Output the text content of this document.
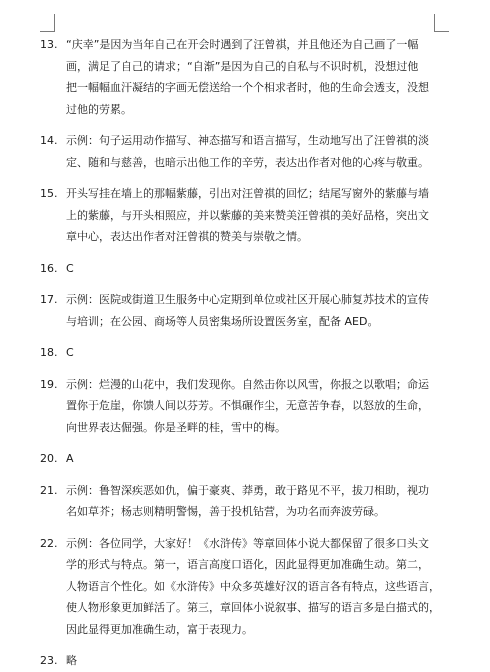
13. “庆幸”是因为当年自己在开会时遇到了汪曾祺，并且他还为自己画了一幅
画，满足了自己的请求；“自渐”是因为自己的自私与不识时机，没想过他
把一幅幅血汗凝结的字画无偿送给一个个相求者时，他的生命会透支，没想
过他的劳累。
14. 示例：句子运用动作描写、神态描写和语言描写，生动地写出了汪曾祺的淡
定、随和与慈善，也暗示出他工作的辛劳，表达出作者对他的心疼与敬重。
15. 开头写挂在墙上的那幅紫藤，引出对汪曾祺的回忆；结尾写窗外的紫藤与墙
上的紫藤，与开头相照应，并以紫藤的美来赞美汪曾祺的美好品格，突出文
章中心，表达出作者对汪曾祺的赞美与崇敬之情。
16. C
17. 示例：医院或街道卫生服务中心定期到单位或社区开展心肺复苏技术的宣传
与培训；在公园、商场等人员密集场所设置医务室，配备 AED。
18. C
19. 示例：烂漫的山花中，我们发现你。自然击你以风雪，你报之以歌唱；命运
置你于危崖，你馈人间以芬芳。不惧碾作尘，无意苦争春，以怒放的生命，
向世界表达倔强。你是圣畔的桂，雪中的梅。
20. A
21. 示例：鲁智深疾恶如仇，偏于豪爽、莽勇，敢于路见不平，拔刀相助，视功
名如草芥；杨志则精明警惕，善于投机钻营，为功名而奔波劳碌。
22. 示例：各位同学，大家好！《水浒传》等章回体小说大都保留了很多口头文
学的形式与特点。第一，语言高度口语化，因此显得更加准确生动。第二，
人物语言个性化。如《水浒传》中众多英雄好汉的语言各有特点，这些语言，
使人物形象更加鲜活了。第三，章回体小说叙事、描写的语言多是白描式的，
因此显得更加准确生动，富于表现力。
23. 略
